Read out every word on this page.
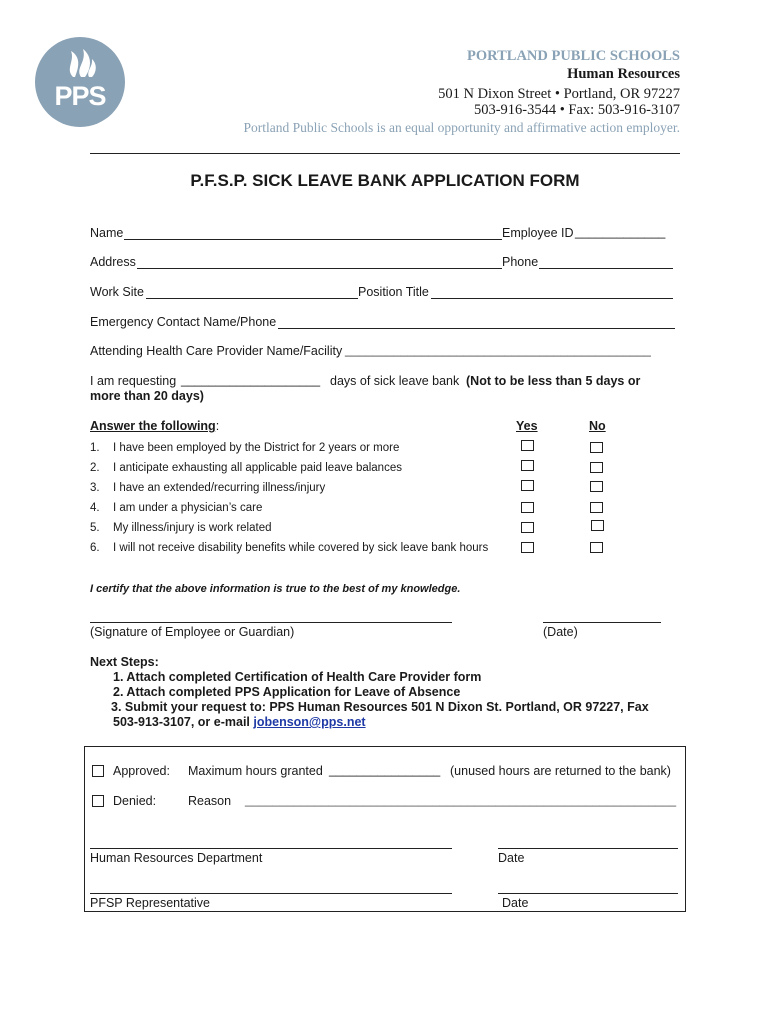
PPS
PORTLAND PUBLIC SCHOOLS
Human Resources
501 N Dixon Street • Portland, OR 97227
503-916-3544 • Fax: 503-916-3107
Portland Public Schools is an equal opportunity and affirmative action employer.
P.F.S.P. SICK LEAVE BANK APPLICATION FORM
Name	Employee ID _____________
Address	Phone
Work Site	Position Title
Emergency Contact Name/Phone
Attending Health Care Provider Name/Facility ____________________________________________
I am requesting ____________________ days of sick leave bank (Not to be less than 5 days or
more than 20 days)
Answer the following:	Yes	No
1. I have been employed by the District for 2 years or more
2. I anticipate exhausting all applicable paid leave balances
3. I have an extended/recurring illness/injury
4. I am under a physician’s care
5. My illness/injury is work related
6. I will not receive disability benefits while covered by sick leave bank hours
I certify that the above information is true to the best of my knowledge.
(Signature of Employee or Guardian)	(Date)
Next Steps:
1. Attach completed Certification of Health Care Provider form
2. Attach completed PPS Application for Leave of Absence
3. Submit your request to: PPS Human Resources 501 N Dixon St. Portland, OR 97227, Fax
503-913-3107, or e-mail jobenson@pps.net
Approved: Maximum hours granted ________________ (unused hours are returned to the bank)
Denied:	Reason ______________________________________________________________
Human Resources Department	Date
PFSP Representative	Date
